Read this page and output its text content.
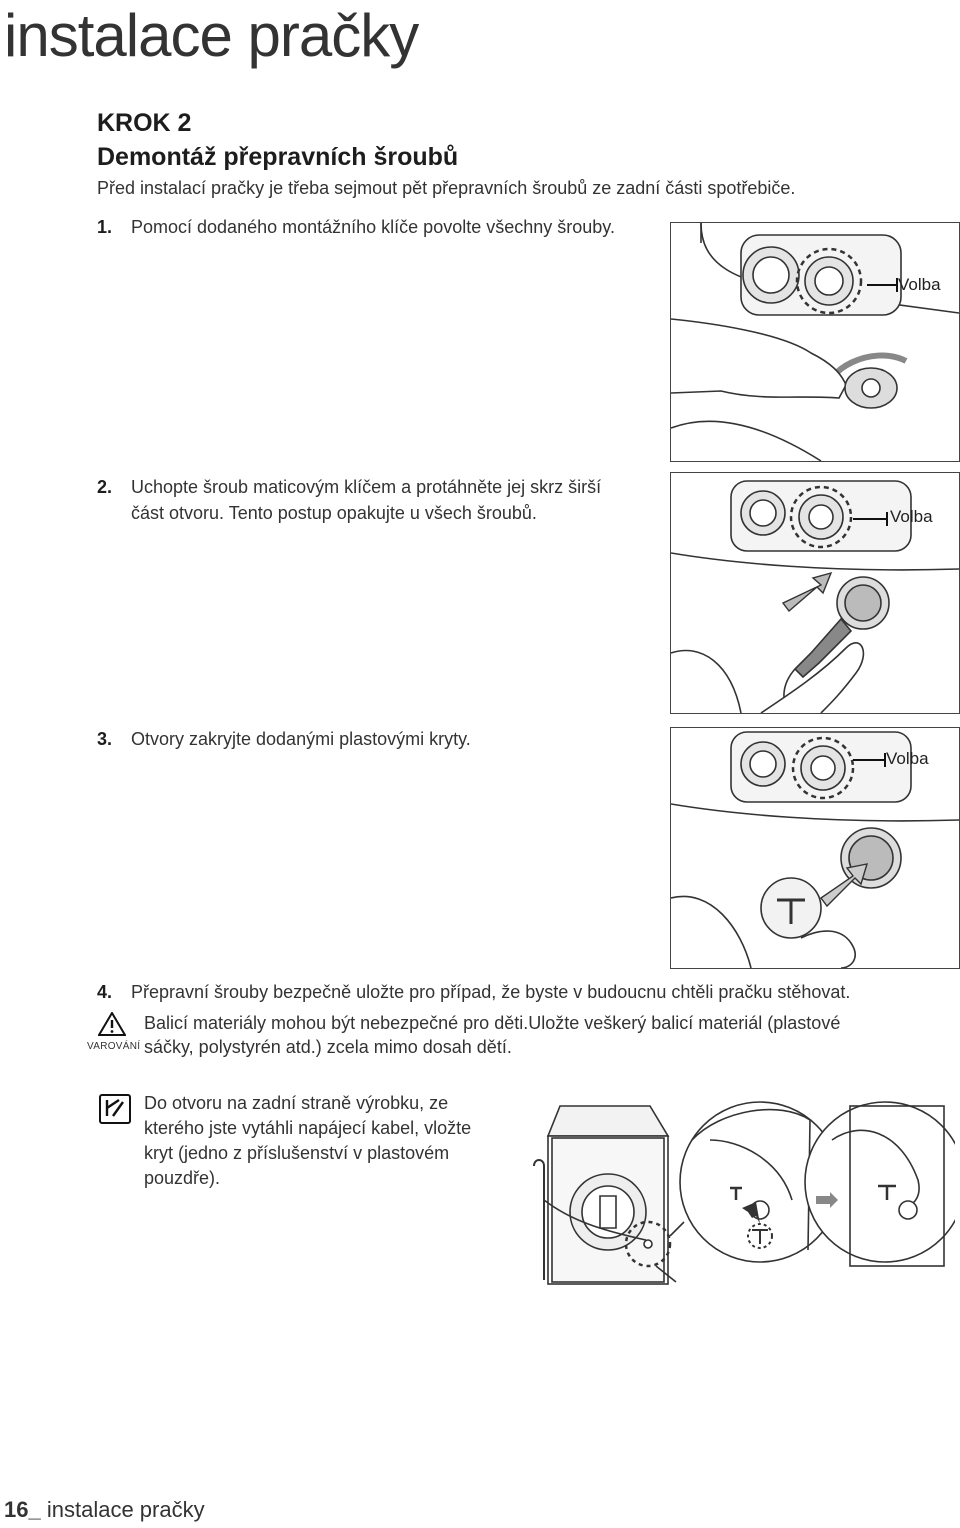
instalace pračky
KROK 2
Demontáž přepravních šroubů
Před instalací pračky je třeba sejmout pět přepravních šroubů ze zadní části spotřebiče.
1. Pomocí dodaného montážního klíče povolte všechny šrouby.
Volba
2. Uchopte šroub maticovým klíčem a protáhněte jej skrz širší
část otvoru. Tento postup opakujte u všech šroubů.	Volba
3. Otvory zakryjte dodanými plastovými kryty.
Volba
4. Přepravní šrouby bezpečně uložte pro případ, že byste v budoucnu chtěli pračku stěhovat.
VAROVÁNÍ
Balicí materiály mohou být nebezpečné pro děti.Uložte veškerý balicí materiál (plastové
sáčky, polystyrén atd.) zcela mimo dosah dětí.
Do otvoru na zadní straně výrobku, ze
kterého jste vytáhli napájecí kabel, vložte
kryt (jedno z příslušenství v plastovém
pouzdře).
16_ instalace pračky
